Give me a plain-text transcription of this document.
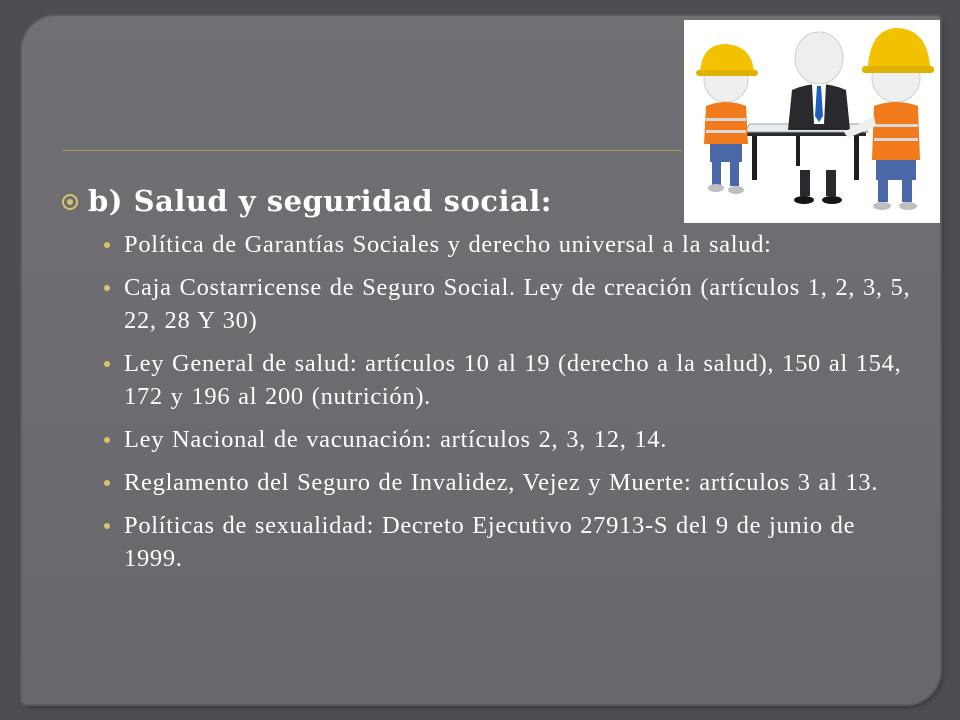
b) Salud y seguridad social:
Política de Garantías Sociales y derecho universal a la salud:
Caja Costarricense de Seguro Social. Ley de creación (artículos 1, 2, 3, 5, 22, 28 Y 30)
Ley General de salud: artículos 10 al 19 (derecho a la salud), 150 al 154, 172 y 196 al 200 (nutrición).
Ley Nacional de vacunación: artículos 2, 3, 12, 14.
Reglamento del Seguro de Invalidez, Vejez y Muerte: artículos 3 al 13.
Políticas de sexualidad: Decreto Ejecutivo 27913-S del 9 de junio de 1999.
